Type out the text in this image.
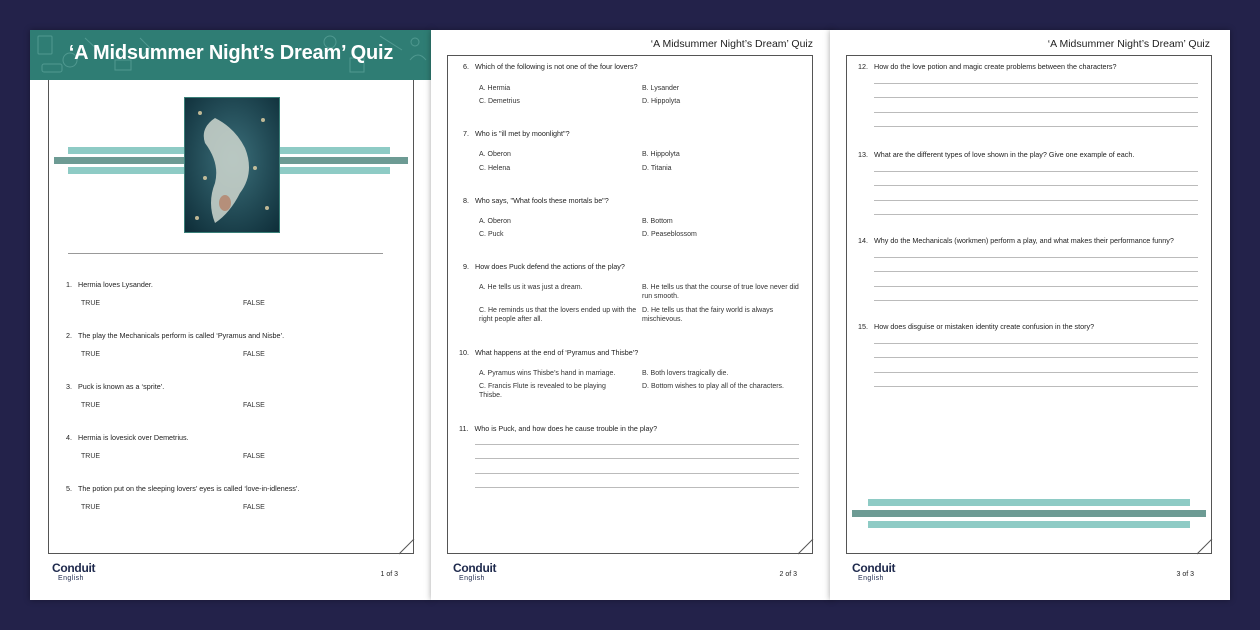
‘A Midsummer Night’s Dream’ Quiz
1. Hermia loves Lysander.
TRUE	FALSE
2. The play the Mechanicals perform is called ‘Pyramus and Nisbe’.
TRUE	FALSE
3. Puck is known as a ‘sprite’.
TRUE	FALSE
4. Hermia is lovesick over Demetrius.
TRUE	FALSE
5. The potion put on the sleeping lovers’ eyes is called ‘love-in-idleness’.
TRUE	FALSE
Conduit
English
1 of 3
‘A Midsummer Night’s Dream’ Quiz
6. Which of the following is not one of the four lovers?
A. Hermia	B. Lysander
C. Demetrius	D. Hippolyta
7. Who is "ill met by moonlight"?
A. Oberon	B. Hippolyta
C. Helena	D. Titania
8. Who says, "What fools these mortals be"?
A. Oberon	B. Bottom
C. Puck	D. Peaseblossom
9. How does Puck defend the actions of the play?
A. He tells us it was just a dream.	B. He tells us that the course of true love never did run smooth.
C. He reminds us that the lovers ended up with the right people after all.
D. He tells us that the fairy world is always mischievous.
10. What happens at the end of ‘Pyramus and Thisbe’?
A. Pyramus wins Thisbe’s hand in marriage.	B. Both lovers tragically die.
C. Francis Flute is revealed to be playing Thisbe.
D. Bottom wishes to play all of the characters.
11. Who is Puck, and how does he cause trouble in the play?
Conduit
English
2 of 3
‘A Midsummer Night’s Dream’ Quiz
12. How do the love potion and magic create problems between the characters?
13. What are the different types of love shown in the play? Give one example of each.
14. Why do the Mechanicals (workmen) perform a play, and what makes their performance funny?
15. How does disguise or mistaken identity create confusion in the story?
Conduit
English
3 of 3
